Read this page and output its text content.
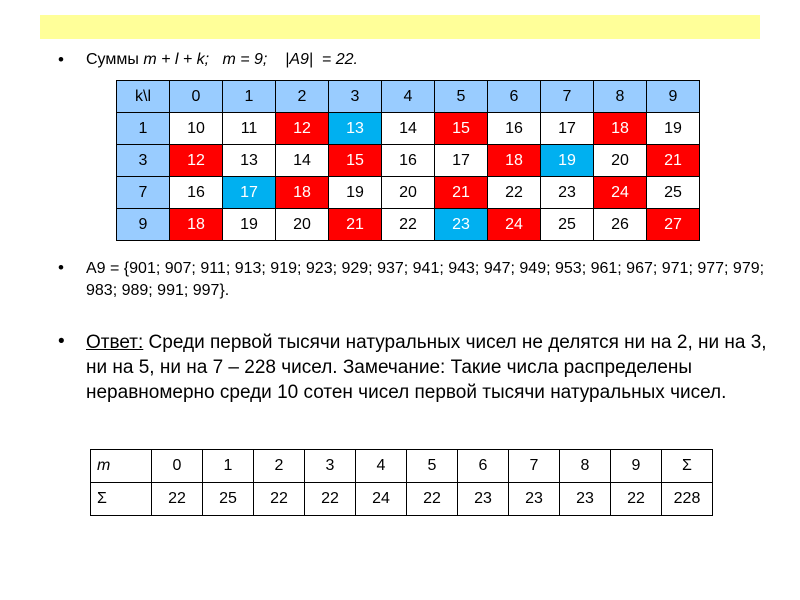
• Суммы m + l + k; m = 9; |A9|  = 22.
k\l	0	1	2	3	4	5	6	7	8	9
1	10	11	12	13	14	15	16	17	18	19
3	12	13	14	15	16	17	18	19	20	21
7	16	17	18	19	20	21	22	23	24	25
9	18	19	20	21	22	23	24	25	26	27
• A9 = {901; 907; 911; 913; 919; 923; 929; 937; 941; 943; 947; 949; 953; 961; 967; 971; 977; 979; 983; 989; 991; 997}.
• Ответ: Среди первой тысячи натуральных чисел не делятся ни на 2, ни на 3, ни на 5, ни на 7 – 228 чисел. Замечание: Такие числа распределены неравномерно среди 10 сотен чисел первой тысячи натуральных чисел.
m	0	1	2	3	4	5	6	7	8	9	Σ
Σ	22	25	22	22	24	22	23	23	23	22	228
